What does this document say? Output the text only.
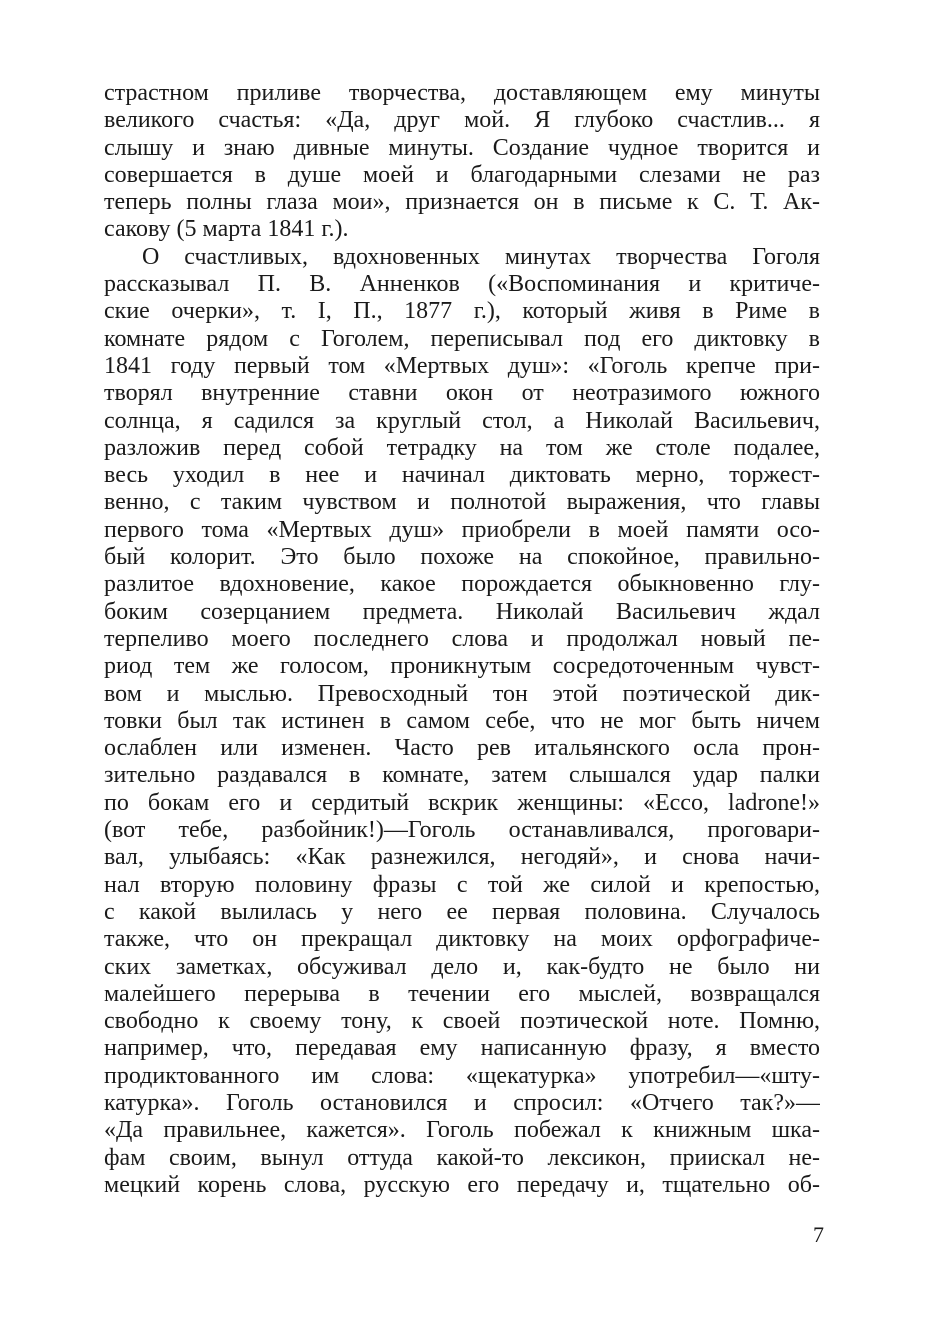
страстном приливе творчества, доставляющем ему минуты
великого счастья: «Да, друг мой. Я глубоко счастлив... я
слышу и знаю дивные минуты. Создание чудное творится и
совершается в душе моей и благодарными слезами не раз
теперь полны глаза мои», признается он в письме к С. Т. Ак-
сакову (5 марта 1841 г.).
О счастливых, вдохновенных минутах творчества Гоголя
рассказывал П. В. Анненков («Воспоминания и критиче-
ские очерки», т. I, П., 1877 г.), который живя в Риме в
комнате рядом с Гоголем, переписывал под его диктовку в
1841 году первый том «Мертвых душ»: «Гоголь крепче при-
творял внутренние ставни окон от неотразимого южного
солнца, я садился за круглый стол, а Николай Васильевич,
разложив перед собой тетрадку на том же столе подалее,
весь уходил в нее и начинал диктовать мерно, торжест-
венно, с таким чувством и полнотой выражения, что главы
первого тома «Мертвых душ» приобрели в моей памяти осо-
бый колорит. Это было похоже на спокойное, правильно-
разлитое вдохновение, какое порождается обыкновенно глу-
боким созерцанием предмета. Николай Васильевич ждал
терпеливо моего последнего слова и продолжал новый пе-
риод тем же голосом, проникнутым сосредоточенным чувст-
вом и мыслью. Превосходный тон этой поэтической дик-
товки был так истинен в самом себе, что не мог быть ничем
ослаблен или изменен. Часто рев итальянского осла прон-
зительно раздавался в комнате, затем слышался удар палки
по бокам его и сердитый вскрик женщины: «Ecco, ladrone!»
(вот тебе, разбойник!)—Гоголь останавливался, проговари-
вал, улыбаясь: «Как разнежился, негодяй», и снова начи-
нал вторую половину фразы с той же силой и крепостью,
с какой вылилась у него ее первая половина. Случалось
также, что он прекращал диктовку на моих орфографиче-
ских заметках, обсуживал дело и, как-будто не было ни
малейшего перерыва в течении его мыслей, возвращался
свободно к своему тону, к своей поэтической ноте. Помню,
например, что, передавая ему написанную фразу, я вместо
продиктованного им слова: «щекатурка» употребил—«шту-
катурка». Гоголь остановился и спросил: «Отчего так?»—
«Да правильнее, кажется». Гоголь побежал к книжным шка-
фам своим, вынул оттуда какой-то лексикон, приискал не-
мецкий корень слова, русскую его передачу и, тщательно об-
7
